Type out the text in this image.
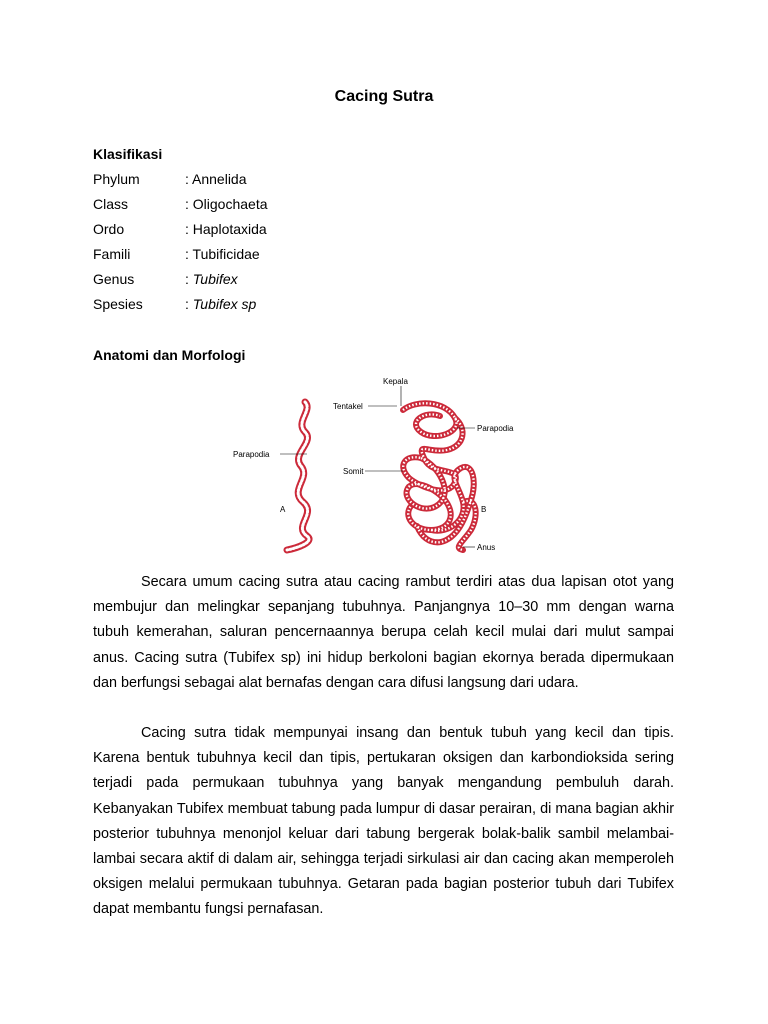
Cacing Sutra
Klasifikasi
Phylum	: Annelida
Class	: Oligochaeta
Ordo	: Haplotaxida
Famili	: Tubificidae
Genus	: Tubifex
Spesies	: Tubifex sp
Anatomi dan Morfologi
Parapodia
A
Kepala
Tentakel
Parapodia
Somit
B
Anus

Secara umum cacing sutra atau cacing rambut terdiri atas dua lapisan otot yang membujur dan melingkar sepanjang tubuhnya. Panjangnya 10–30 mm dengan warna tubuh kemerahan, saluran pencernaannya berupa celah kecil mulai dari mulut sampai anus. Cacing sutra (Tubifex sp) ini hidup berkoloni bagian ekornya berada dipermukaan dan berfungsi sebagai alat bernafas dengan cara difusi langsung dari udara.

Cacing sutra tidak mempunyai insang dan bentuk tubuh yang kecil dan tipis. Karena bentuk tubuhnya kecil dan tipis, pertukaran oksigen dan karbondioksida sering terjadi pada permukaan tubuhnya yang banyak mengandung pembuluh darah. Kebanyakan Tubifex membuat tabung pada lumpur di dasar perairan, di mana bagian akhir posterior tubuhnya menonjol keluar dari tabung bergerak bolak-balik sambil melambai-lambai secara aktif di dalam air, sehingga terjadi sirkulasi air dan cacing akan memperoleh oksigen melalui permukaan tubuhnya. Getaran pada bagian posterior tubuh dari Tubifex dapat membantu fungsi pernafasan.
